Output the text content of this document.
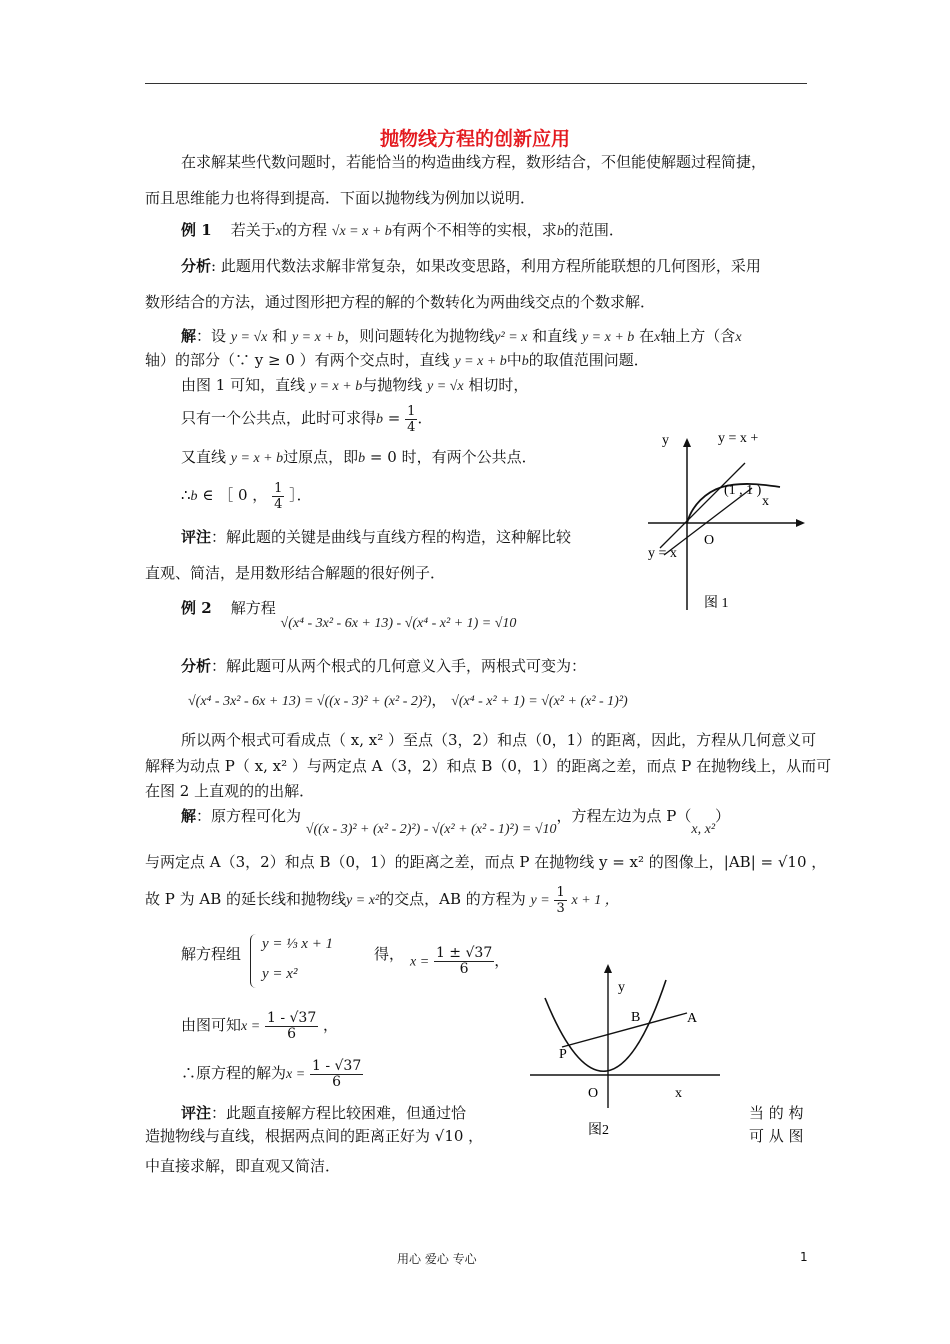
抛物线方程的创新应用
在求解某些代数问题时，若能恰当的构造曲线方程，数形结合，不但能使解题过程简捷，
而且思维能力也将得到提高．下面以抛物线为例加以说明．
例 1 若关于x的方程 √x = x + b有两个不相等的实根，求b的范围．
分析: 此题用代数法求解非常复杂，如果改变思路，利用方程所能联想的几何图形，采用
数形结合的方法，通过图形把方程的解的个数转化为两曲线交点的个数求解．
解：设 y = √x 和 y = x + b，则问题转化为抛物线y² = x 和直线 y = x + b 在x轴上方（含x
轴）的部分（∵ y ≥ 0 ）有两个交点时，直线 y = x + b中b的取值范围问题．
由图 1 可知，直线 y = x + b与抛物线 y = √x 相切时，
只有一个公共点，此时可求得$b = \frac{1}{4}$ ．
又直线 y = x + b过原点，即b = 0 时，有两个公共点．
∴b ∈ ［ 0 ， $\frac{1}{4}$ ］．
评注：解此题的关键是曲线与直线方程的构造，这种解比较
直观、简洁，是用数形结合解题的很好例子．
y	y = x +
(1 , 1 )
x
O
y = x
图 1
例 2 解方程 √(x⁴ - 3x² - 6x + 13) - √(x⁴ - x² + 1) = √10
分析：解此题可从两个根式的几何意义入手，两根式可变为：
√(x⁴ - 3x² - 6x + 13) = √((x - 3)² + (x² - 2)²)， √(x⁴ - x² + 1) = √(x² + (x² - 1)²)
所以两个根式可看成点（ x, x² ）至点（3，2）和点（0，1）的距离，因此，方程从几何意义可
解释为动点 P（ x, x² ）与两定点 A（3，2）和点 B（0，1）的距离之差，而点 P 在抛物线上，从而可
在图 2 上直观的的出解．
解：原方程可化为 √((x - 3)² + (x² - 2)²) - √(x² + (x² - 1)²) = √10，方程左边为点 P（x, x²）
与两定点 A（3，2）和点 B（0，1）的距离之差，而点 P 在抛物线 y = x² 的图像上，|AB| = √10 ，
故 P 为 AB 的延长线和抛物线y = x²的交点，AB 的方程为 $y = \frac{1}{3}$ x + 1 ，
解方程组
y = ⅓ x + 1
y = x²
得， $x = \frac{1 \pm √37}{6}$ ，
由图可知$x = \frac{1 - √37}{6}$ ，
∴原方程的解为$x = \frac{1 - √37}{6}$
评注：此题直接解方程比较困难，但通过恰	当 的 构
造抛物线与直线，根据两点间的距离正好为 √10 ，	可 从 图
中直接求解，即直观又简洁．
y
B	A
P
O	x
图2
用心 爱心 专心	1
